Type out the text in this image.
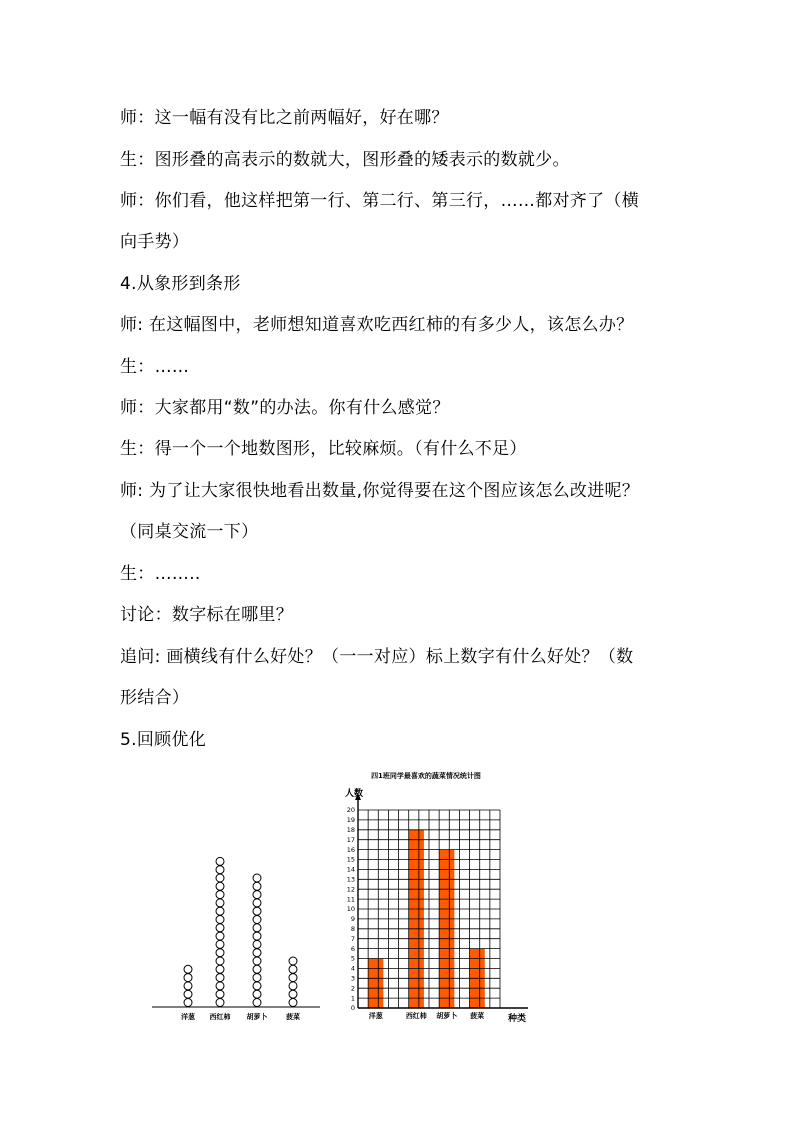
师：这一幅有没有比之前两幅好，好在哪？
生：图形叠的高表示的数就大，图形叠的矮表示的数就少。
师：你们看，他这样把第一行、第二行、第三行，……都对齐了（横
向手势）
4.从象形到条形
师: 在这幅图中，老师想知道喜欢吃西红柿的有多少人，该怎么办？
生：……
师：大家都用“数”的办法。你有什么感觉？
生：得一个一个地数图形，比较麻烦。（有什么不足）
师: 为了让大家很快地看出数量,你觉得要在这个图应该怎么改进呢？
（同桌交流一下）
生：……..
讨论：数字标在哪里？
追问: 画横线有什么好处？（一一对应）标上数字有什么好处？（数
形结合）
5.回顾优化
洋葱 西红柿 胡萝卜	菠菜
四1班同学最喜欢的蔬菜情况统计图
0
1
2
3
4
5
6
7
8
9
10
11
12
13
14
15
16
17
18
19
20
人数
种类
洋葱	西红柿 胡萝卜 菠菜
